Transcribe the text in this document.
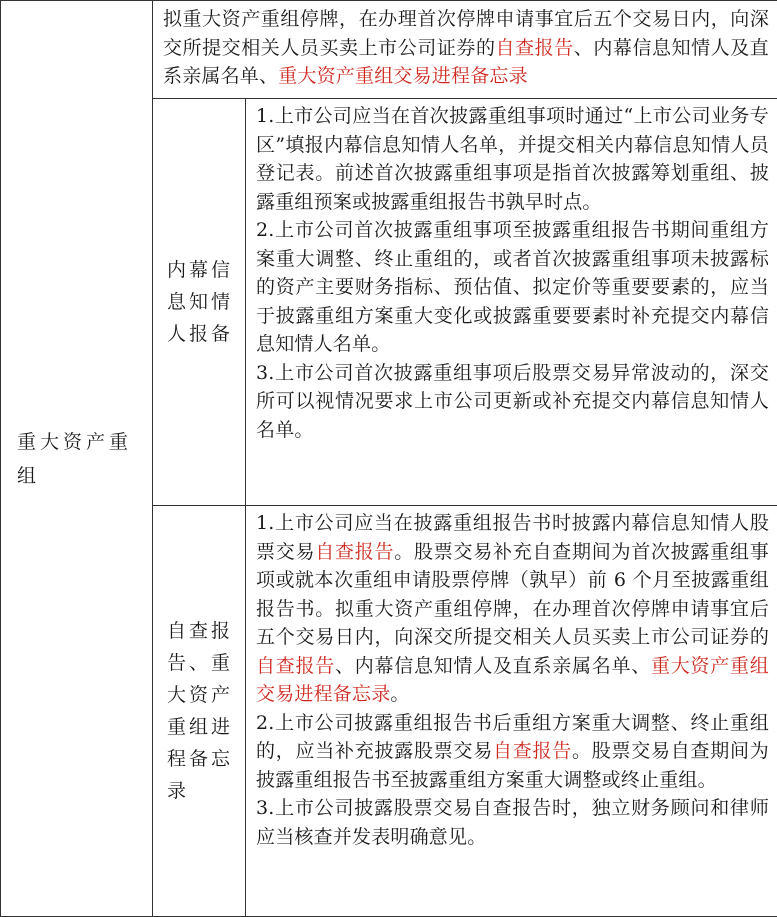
重大资产重组	拟重大资产重组停牌，在办理首次停牌申请事宜后五个交易日内，向深交所提交相关人员买卖上市公司证券的自查报告、内幕信息知情人及直系亲属名单、重大资产重组交易进程备忘录	

	内幕信息知情人报备	1.上市公司应当在首次披露重组事项时通过“上市公司业务专区”填报内幕信息知情人名单，并提交相关内幕信息知情人员登记表。前述首次披露重组事项是指首次披露筹划重组、披露重组预案或披露重组报告书孰早时点。

2.上市公司首次披露重组事项至披露重组报告书期间重组方案重大调整、终止重组的，或者首次披露重组事项未披露标的资产主要财务指标、预估值、拟定价等重要要素的，应当于披露重组方案重大变化或披露重要要素时补充提交内幕信息知情人名单。

3.上市公司首次披露重组事项后股票交易异常波动的，深交所可以视情况要求上市公司更新或补充提交内幕信息知情人名单。

	自查报告、重大资产重组进程备忘录	1.上市公司应当在披露重组报告书时披露内幕信息知情人股票交易自查报告。股票交易补充自查期间为首次披露重组事项或就本次重组申请股票停牌（孰早）前 6 个月至披露重组报告书。拟重大资产重组停牌，在办理首次停牌申请事宜后五个交易日内，向深交所提交相关人员买卖上市公司证券的自查报告、内幕信息知情人及直系亲属名单、重大资产重组交易进程备忘录。

2.上市公司披露重组报告书后重组方案重大调整、终止重组的，应当补充披露股票交易自查报告。股票交易自查期间为披露重组报告书至披露重组方案重大调整或终止重组。

3.上市公司披露股票交易自查报告时，独立财务顾问和律师应当核查并发表明确意见。
